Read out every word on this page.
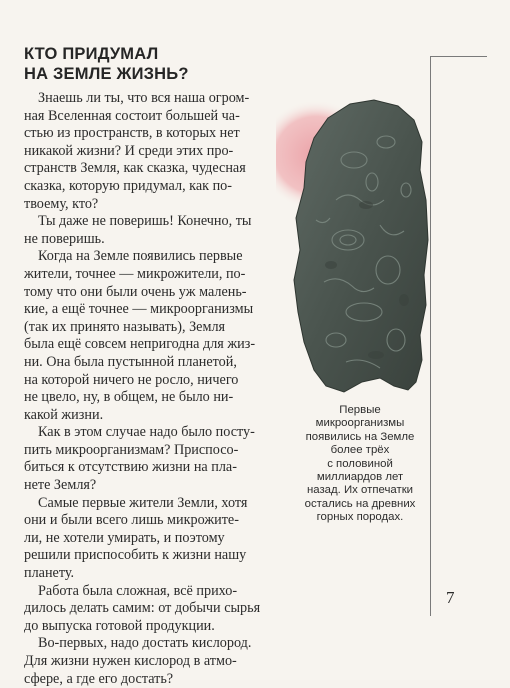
КТО ПРИДУМАЛ
НА ЗЕМЛЕ ЖИЗНЬ?

Знаешь ли ты, что вся наша огром-
ная Вселенная состоит большей ча-
стью из пространств, в которых нет
никакой жизни? И среди этих про-
странств Земля, как сказка, чудесная
сказка, которую придумал, как по-
твоему, кто?

Ты даже не поверишь! Конечно, ты
не поверишь.

Когда на Земле появились первые
жители, точнее — микрожители, по-
тому что они были очень уж малень-
кие, а ещё точнее — микроорганизмы
(так их принято называть), Земля
была ещё совсем непригодна для жиз-
ни. Она была пустынной планетой,
на которой ничего не росло, ничего
не цвело, ну, в общем, не было ни-
какой жизни.

Как в этом случае надо было посту-
пить микроорганизмам? Приспосо-
биться к отсутствию жизни на пла-
нете Земля?

Самые первые жители Земли, хотя
они и были всего лишь микрожите-
ли, не хотели умирать, и поэтому
решили приспособить к жизни нашу
планету.

Работа была сложная, всё прихо-
дилось делать самим: от добычи сырья
до выпуска готовой продукции.

Во-первых, надо достать кислород.
Для жизни нужен кислород в атмо-
сфере, а где его достать?

Первые
микроорганизмы
появились на Земле
более трёх
с половиной
миллиардов лет
назад. Их отпечатки
остались на древних
горных породах.
7
